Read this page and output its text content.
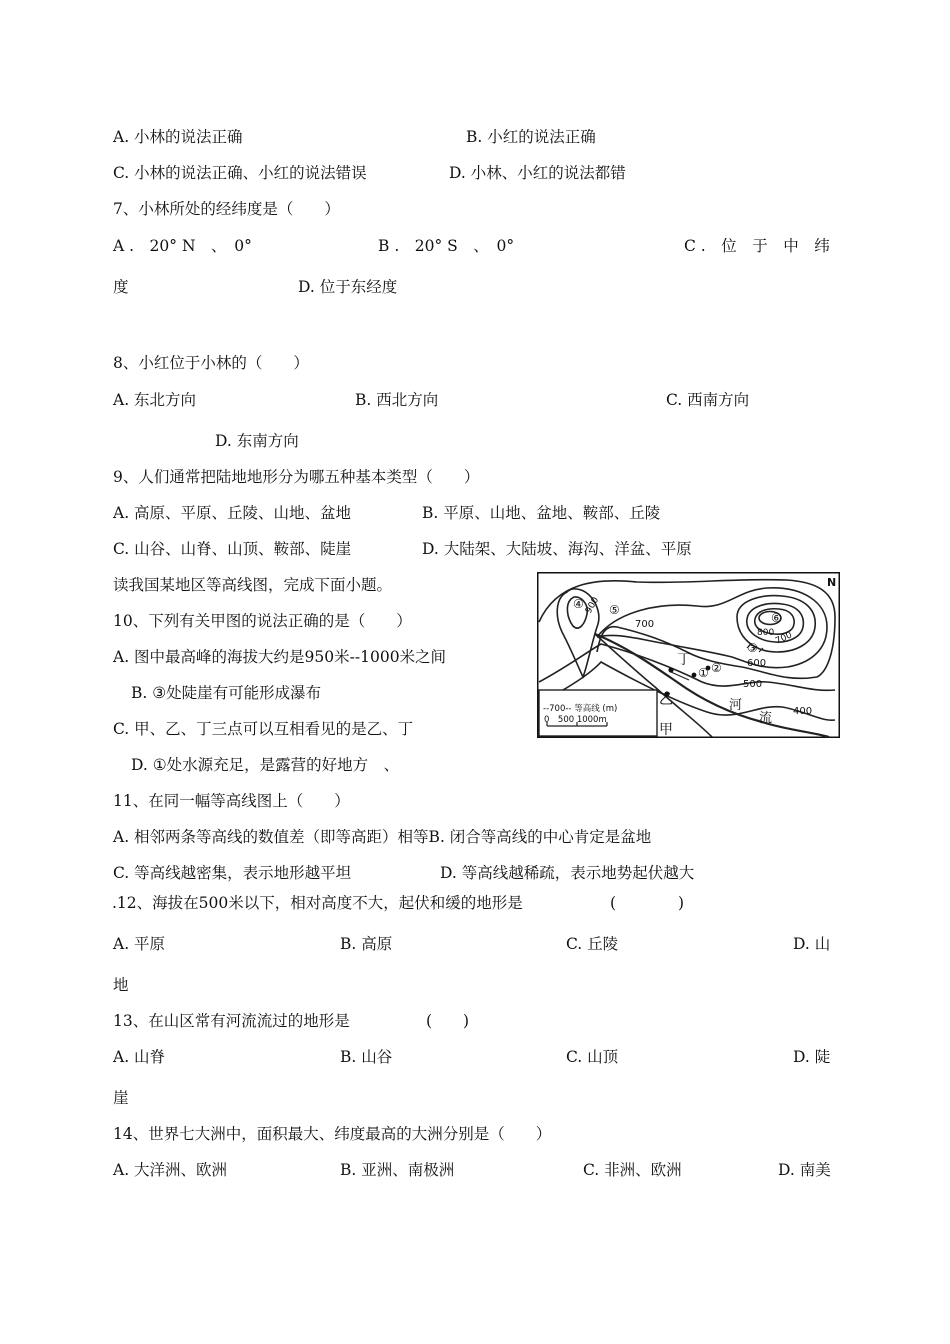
A. 小林的说法正确	B. 小红的说法正确
C. 小林的说法正确、小红的说法错误	D. 小林、小红的说法都错
7、小林所处的经纬度是（　　）
A .　20° N　、　0°	B .　20° S　、　0°	C .　位　于　中　纬
度	D. 位于东经度
8、小红位于小林的（　　）
A. 东北方向	B. 西北方向	C. 西南方向
D. 东南方向
9、人们通常把陆地地形分为哪五种基本类型（　　）
A. 高原、平原、丘陵、山地、盆地	B. 平原、山地、盆地、鞍部、丘陵
C. 山谷、山脊、山顶、鞍部、陡崖	D. 大陆架、大陆坡、海沟、洋盆、平原
读我国某地区等高线图，完成下面小题。
10、下列有关甲图的说法正确的是（　　）
A. 图中最高峰的海拔大约是950米--1000米之间
B. ③处陡崖有可能形成瀑布
C. 甲、乙、丁三点可以互相看见的是乙、丁
D. ①处水源充足，是露营的好地方　、
11、在同一幅等高线图上（　　）
A. 相邻两条等高线的数值差（即等高距）相等B. 闭合等高线的中心肯定是盆地
C. 等高线越密集，表示地形越平坦	D. 等高线越稀疏，表示地势起伏越大
.12、海拔在500米以下，相对高度不大，起伏和缓的地形是	(　　　　)
A. 平原	B. 高原	C. 丘陵	D. 山
地
13、在山区常有河流流过的地形是	(　　)
A. 山脊	B. 山谷	C. 山顶	D. 陡
崖
14、世界七大洲中，面积最大、纬度最高的大洲分别是（　　）
A. 大洋洲、欧洲	B. 亚洲、南极洲	C. 非洲、欧洲	D. 南美
N
900
700
800 700
600
500
400
① ②
③
④ ⑤
⑥
丁
乙
甲
河
流
--700-- 等高线 (m)
0　500 1000m
